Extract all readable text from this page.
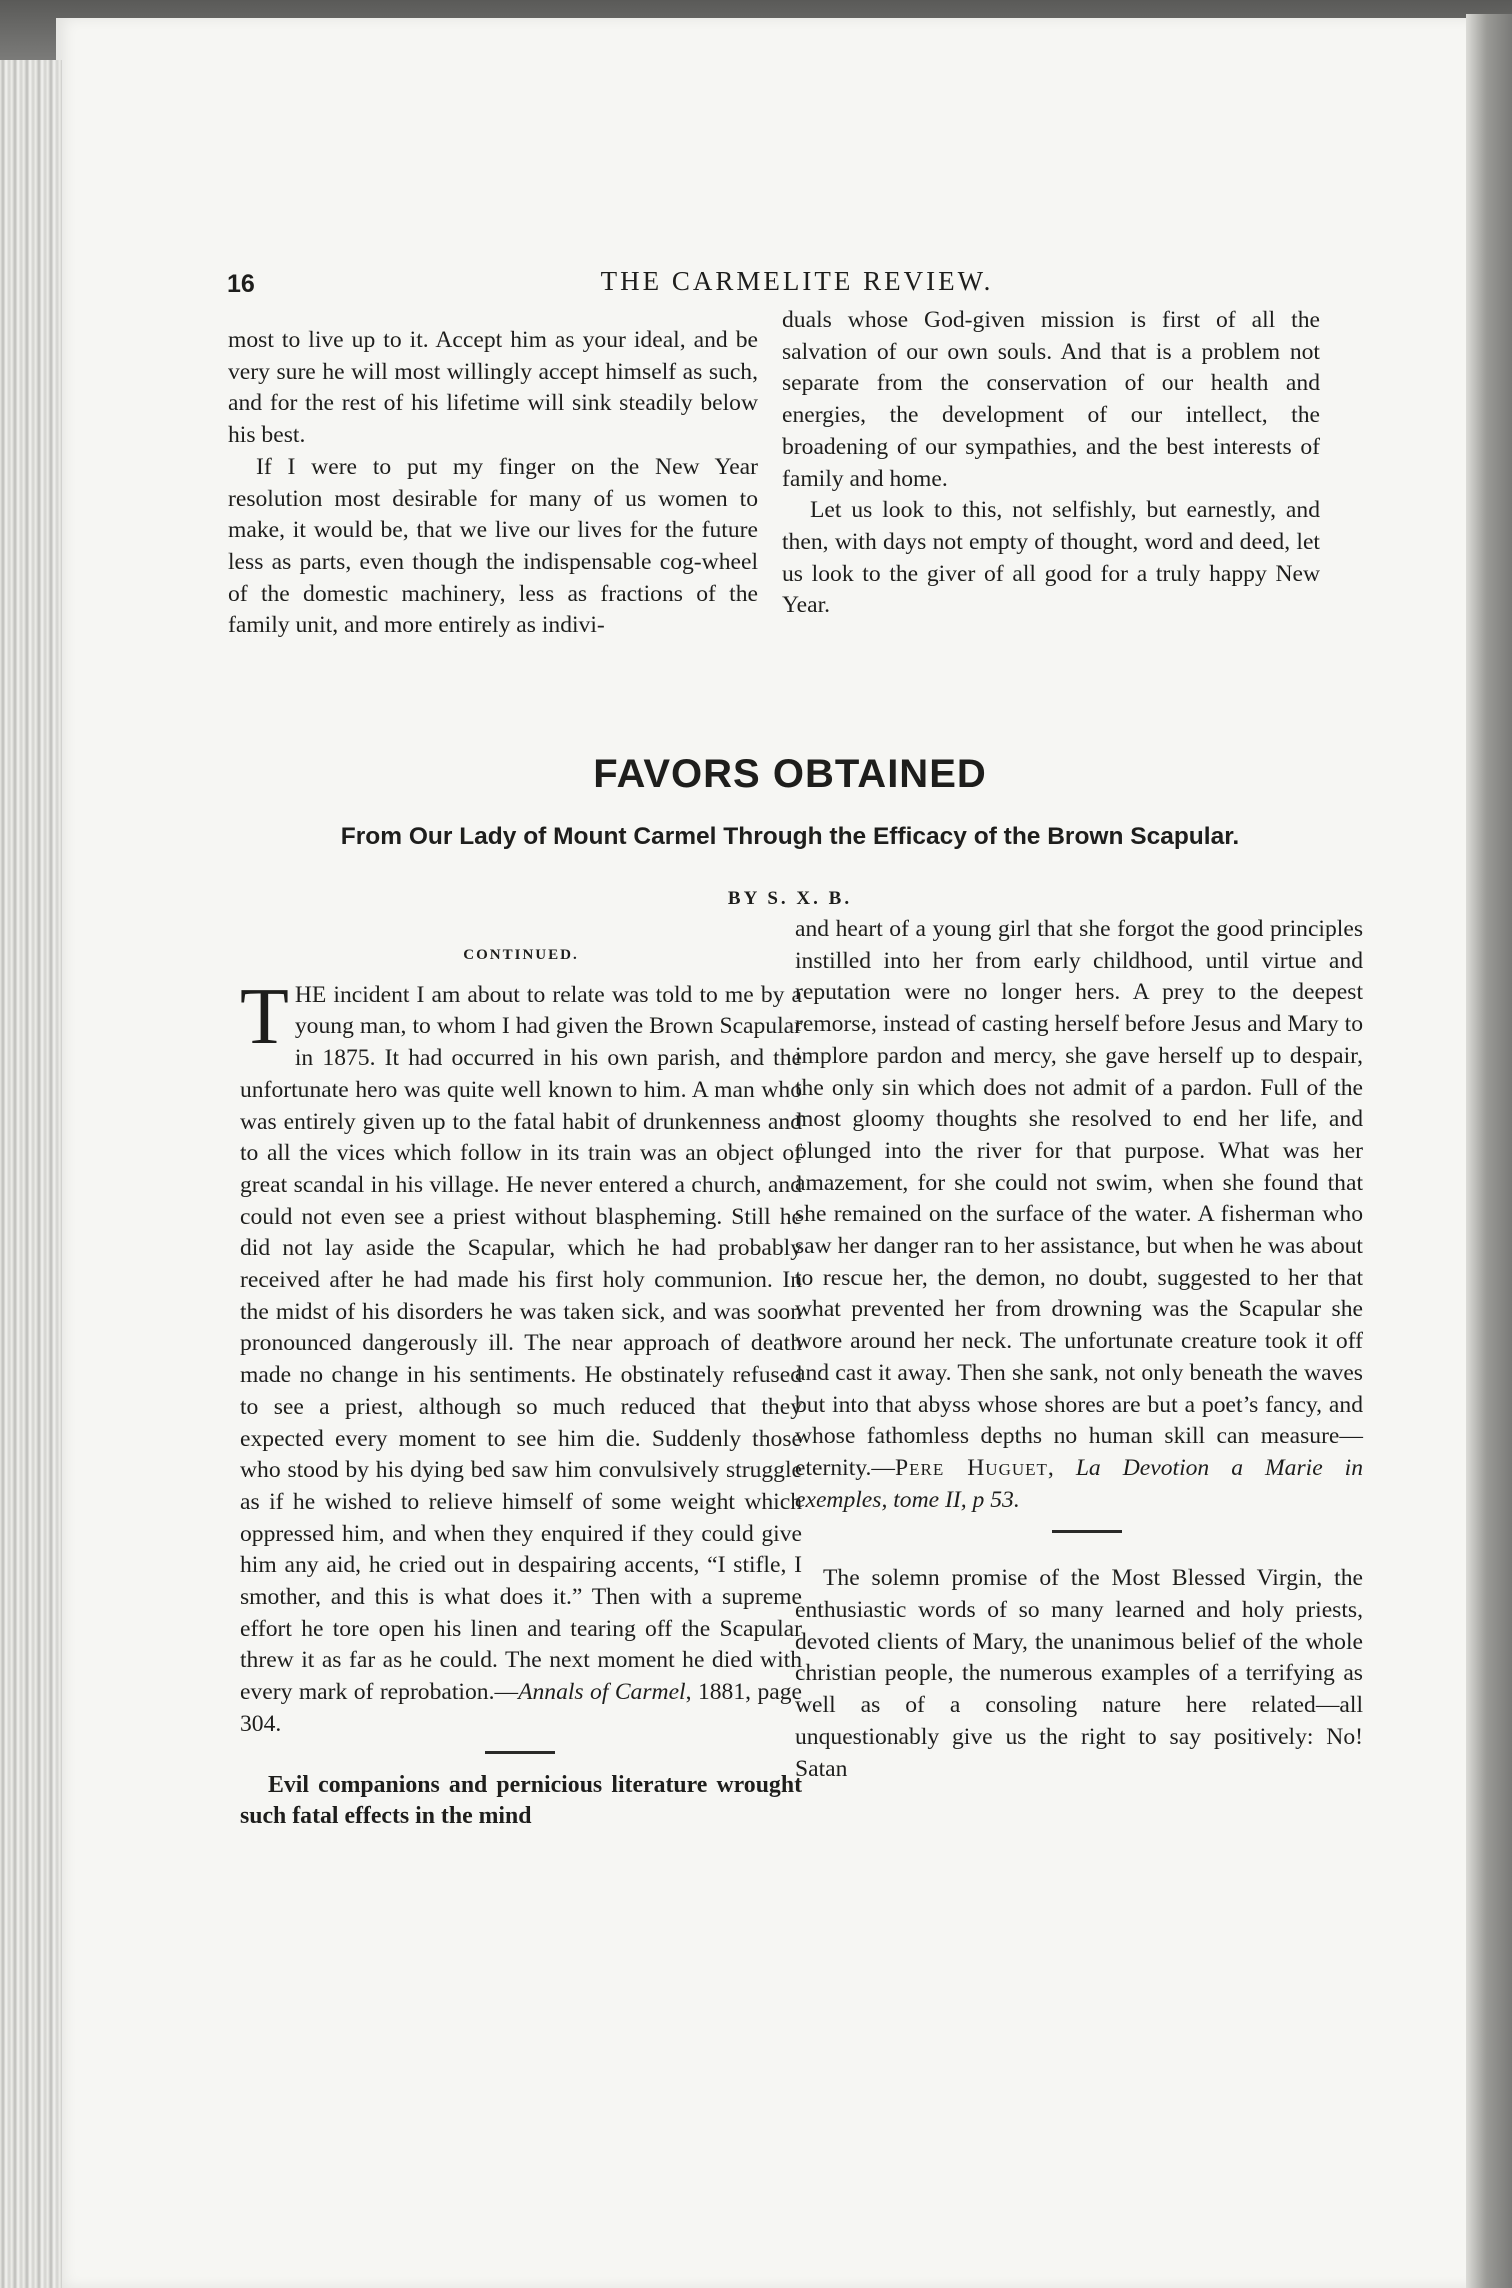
16	THE CARMELITE REVIEW.

most to live up to it. Accept him as your ideal, and be very sure he will most willingly accept himself as such, and for the rest of his lifetime will sink steadily below his best.

If I were to put my finger on the New Year resolution most desirable for many of us women to make, it would be, that we live our lives for the future less as parts, even though the indispensable cog-wheel of the domestic machinery, less as fractions of the family unit, and more entirely as indivi-

duals whose God-given mission is first of all the salvation of our own souls. And that is a problem not separate from the conservation of our health and energies, the development of our intellect, the broadening of our sympathies, and the best interests of family and home.

Let us look to this, not selfishly, but earnestly, and then, with days not empty of thought, word and deed, let us look to the giver of all good for a truly happy New Year.

FAVORS OBTAINED
From Our Lady of Mount Carmel Through the Efficacy of the Brown Scapular.
BY S. X. B.

CONTINUED.

THE incident I am about to relate was told to me by a young man, to whom I had given the Brown Scapular in 1875. It had occurred in his own parish, and the unfortunate hero was quite well known to him. A man who was entirely given up to the fatal habit of drunkenness and to all the vices which follow in its train was an object of great scandal in his village. He never entered a church, and could not even see a priest without blaspheming. Still he did not lay aside the Scapular, which he had probably received after he had made his first holy communion. In the midst of his disorders he was taken sick, and was soon pronounced dangerously ill. The near approach of death made no change in his sentiments. He obstinately refused to see a priest, although so much reduced that they expected every moment to see him die. Suddenly those who stood by his dying bed saw him convulsively struggle as if he wished to relieve himself of some weight which oppressed him, and when they enquired if they could give him any aid, he cried out in despairing accents, “I stifle, I smother, and this is what does it.” Then with a supreme effort he tore open his linen and tearing off the Scapular threw it as far as he could. The next moment he died with every mark of reprobation.—Annals of Carmel, 1881, page 304.

Evil companions and pernicious literature wrought such fatal effects in the mind

and heart of a young girl that she forgot the good principles instilled into her from early childhood, until virtue and reputation were no longer hers. A prey to the deepest remorse, instead of casting herself before Jesus and Mary to implore pardon and mercy, she gave herself up to despair, the only sin which does not admit of a pardon. Full of the most gloomy thoughts she resolved to end her life, and plunged into the river for that purpose. What was her amazement, for she could not swim, when she found that she remained on the surface of the water. A fisherman who saw her danger ran to her assistance, but when he was about to rescue her, the demon, no doubt, suggested to her that what prevented her from drowning was the Scapular she wore around her neck. The unfortunate creature took it off and cast it away. Then she sank, not only beneath the waves but into that abyss whose shores are but a poet’s fancy, and whose fathomless depths no human skill can measure—eternity.—Pere Huguet, La Devotion a Marie in exemples, tome II, p 53.

The solemn promise of the Most Blessed Virgin, the enthusiastic words of so many learned and holy priests, devoted clients of Mary, the unanimous belief of the whole christian people, the numerous examples of a terrifying as well as of a consoling nature here related—all unquestionably give us the right to say positively: No! Satan
